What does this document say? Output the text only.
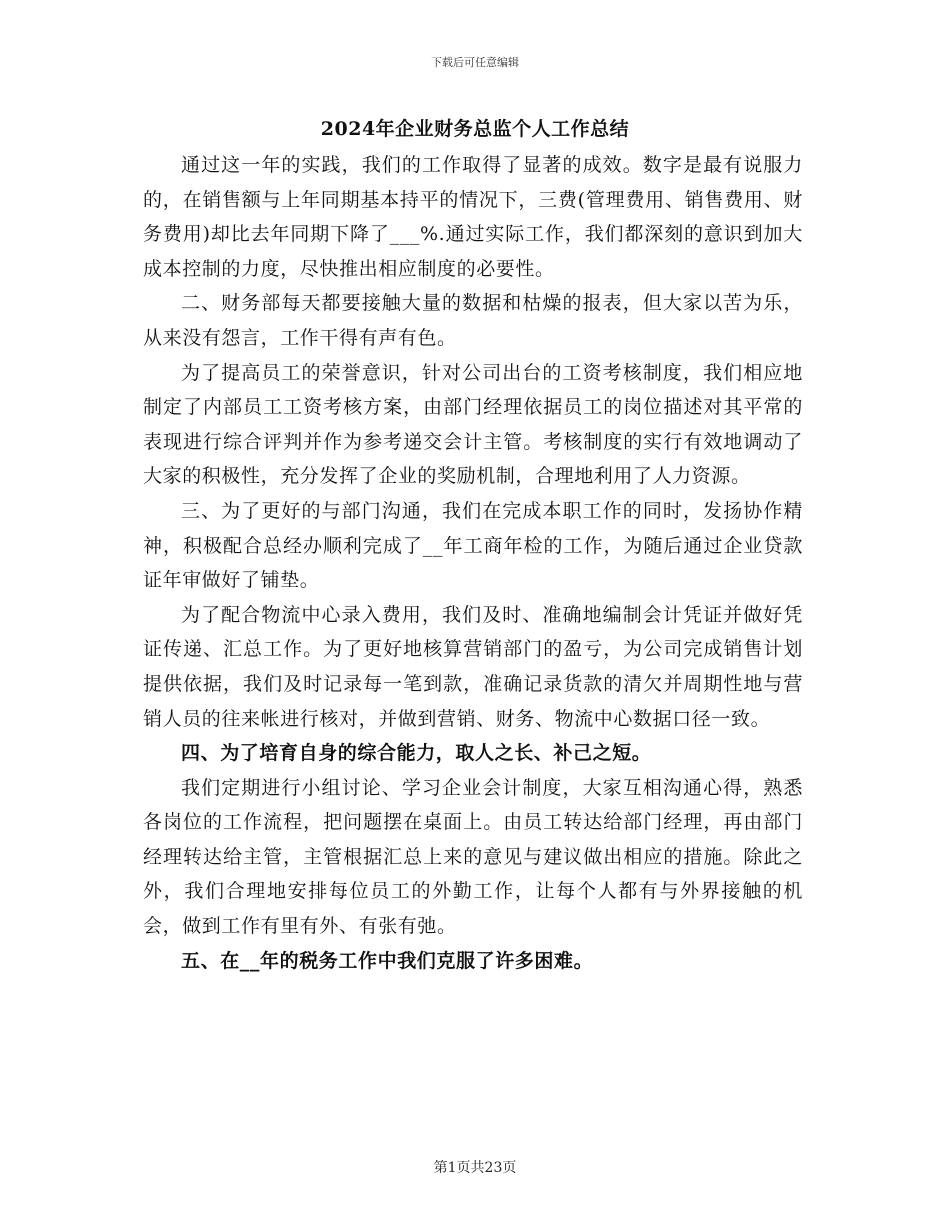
下载后可任意编辑
2024年企业财务总监个人工作总结

通过这一年的实践，我们的工作取得了显著的成效。数字是最有说服力的，在销售额与上年同期基本持平的情况下，三费(管理费用、销售费用、财务费用)却比去年同期下降了___%.通过实际工作，我们都深刻的意识到加大成本控制的力度，尽快推出相应制度的必要性。

二、财务部每天都要接触大量的数据和枯燥的报表，但大家以苦为乐，从来没有怨言，工作干得有声有色。

为了提高员工的荣誉意识，针对公司出台的工资考核制度，我们相应地制定了内部员工工资考核方案，由部门经理依据员工的岗位描述对其平常的表现进行综合评判并作为参考递交会计主管。考核制度的实行有效地调动了大家的积极性，充分发挥了企业的奖励机制，合理地利用了人力资源。

三、为了更好的与部门沟通，我们在完成本职工作的同时，发扬协作精神，积极配合总经办顺利完成了__年工商年检的工作，为随后通过企业贷款证年审做好了铺垫。

为了配合物流中心录入费用，我们及时、准确地编制会计凭证并做好凭证传递、汇总工作。为了更好地核算营销部门的盈亏，为公司完成销售计划提供依据，我们及时记录每一笔到款，准确记录货款的清欠并周期性地与营销人员的往来帐进行核对，并做到营销、财务、物流中心数据口径一致。

四、为了培育自身的综合能力，取人之长、补己之短。

我们定期进行小组讨论、学习企业会计制度，大家互相沟通心得，熟悉各岗位的工作流程，把问题摆在桌面上。由员工转达给部门经理，再由部门经理转达给主管，主管根据汇总上来的意见与建议做出相应的措施。除此之外，我们合理地安排每位员工的外勤工作，让每个人都有与外界接触的机会，做到工作有里有外、有张有弛。

五、在__年的税务工作中我们克服了许多困难。

第1页共23页
